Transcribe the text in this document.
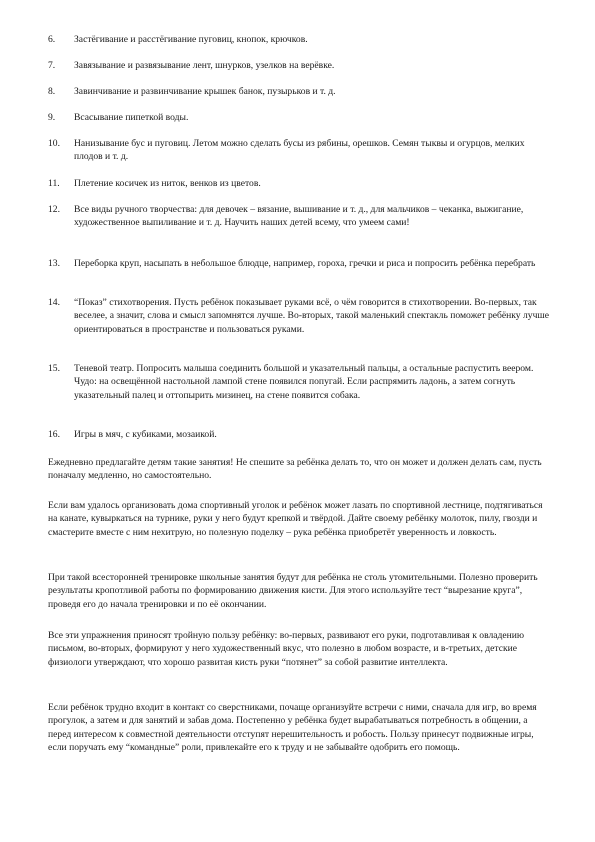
6.	Застёгивание и расстёгивание пуговиц, кнопок, крючков.
7.	Завязывание и развязывание лент, шнурков, узелков на верёвке.
8.	Завинчивание и развинчивание крышек банок, пузырьков и т. д.
9.	Всасывание пипеткой воды.
10.	Нанизывание бус и пуговиц. Летом можно сделать бусы из рябины, орешков. Семян тыквы и огурцов, мелких плодов и т. д.
11.	Плетение косичек из ниток, венков из цветов.
12.	Все виды ручного творчества: для девочек – вязание, вышивание и т. д., для мальчиков – чеканка, выжигание, художественное выпиливание и т. д. Научить наших детей всему, что умеем сами!
13.	Переборка круп, насыпать в небольшое блюдце, например, гороха, гречки и риса и попросить ребёнка перебрать
14.	“Показ” стихотворения. Пусть ребёнок показывает руками всё, о чём говорится в стихотворении. Во-первых, так веселее, а значит, слова и смысл запомнятся лучше. Во-вторых, такой маленький спектакль поможет ребёнку лучше ориентироваться в пространстве и пользоваться руками.
15.	Теневой театр. Попросить малыша соединить большой и указательный пальцы, а остальные распустить веером. Чудо: на освещённой настольной лампой стене появился попугай. Если распрямить ладонь, а затем согнуть указательный палец и оттопырить мизинец, на стене появится собака.
16.	Игры в мяч, с кубиками, мозаикой.
Ежедневно предлагайте детям такие занятия! Не спешите за ребёнка делать то, что он может и должен делать сам, пусть поначалу медленно, но самостоятельно.
Если вам удалось организовать дома спортивный уголок и ребёнок может лазать по спортивной лестнице, подтягиваться на канате, кувыркаться на турнике, руки у него будут крепкой и твёрдой. Дайте своему ребёнку молоток, пилу, гвозди и смастерите вместе с ним нехитрую, но полезную поделку – рука ребёнка приобретёт уверенность и ловкость.
При такой всесторонней тренировке школьные занятия будут для ребёнка не столь утомительными. Полезно проверить результаты кропотливой работы по формированию движения кисти. Для этого используйте тест “вырезание круга”, проведя его до начала тренировки и по её окончании.
Все эти упражнения приносят тройную пользу ребёнку: во-первых, развивают его руки, подготавливая к овладению письмом, во-вторых, формируют у него художественный вкус, что полезно в любом возрасте, и в-третьих, детские физиологи утверждают, что хорошо развитая кисть руки “потянет” за собой развитие интеллекта.
Если ребёнок трудно входит в контакт со сверстниками, почаще организуйте встречи с ними, сначала для игр, во время прогулок, а затем и для занятий и забав дома. Постепенно у ребёнка будет вырабатываться потребность в общении, а перед интересом к совместной деятельности отступят нерешительность и робость. Пользу принесут подвижные игры, если поручать ему “командные” роли, привлекайте его к труду и не забывайте одобрить его помощь.
